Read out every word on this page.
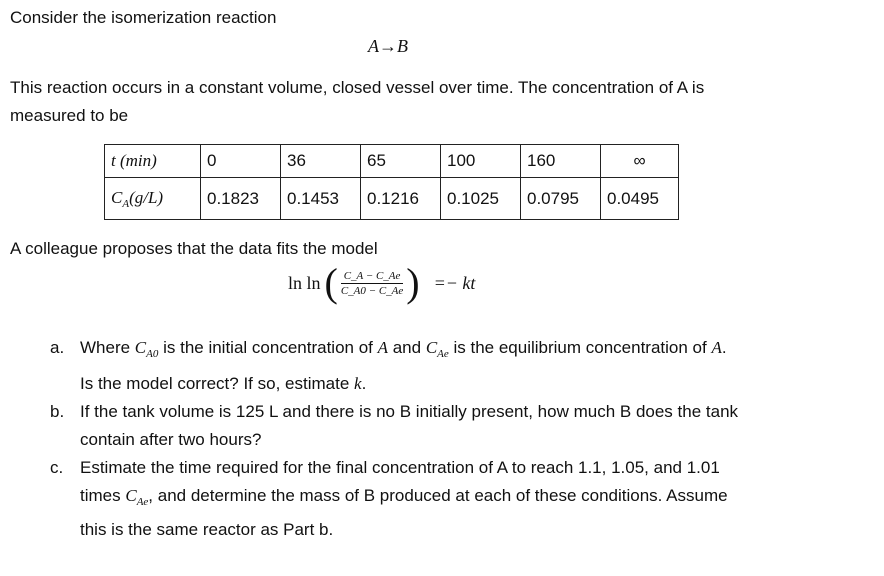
Consider the isomerization reaction
A→B
This reaction occurs in a constant volume, closed vessel over time. The concentration of A is
measured to be
t (min)	0	36	65	100	160	∞
$C_A(g/L)$	0.1823	0.1453	0.1216	0.1025	0.0795	0.0495
A colleague proposes that the data fits the model
ln ln ( $\frac{C\_A - C\_Ae}{C\_A0 - C\_Ae}$ ) =− kt
a. Where $C_{A0}$ is the initial concentration of A and $C_{Ae}$ is the equilibrium concentration of A.
Is the model correct? If so, estimate k.
b. If the tank volume is 125 L and there is no B initially present, how much B does the tank
contain after two hours?
c. Estimate the time required for the final concentration of A to reach 1.1, 1.05, and 1.01
times $C_{Ae}$, and determine the mass of B produced at each of these conditions. Assume
this is the same reactor as Part b.
